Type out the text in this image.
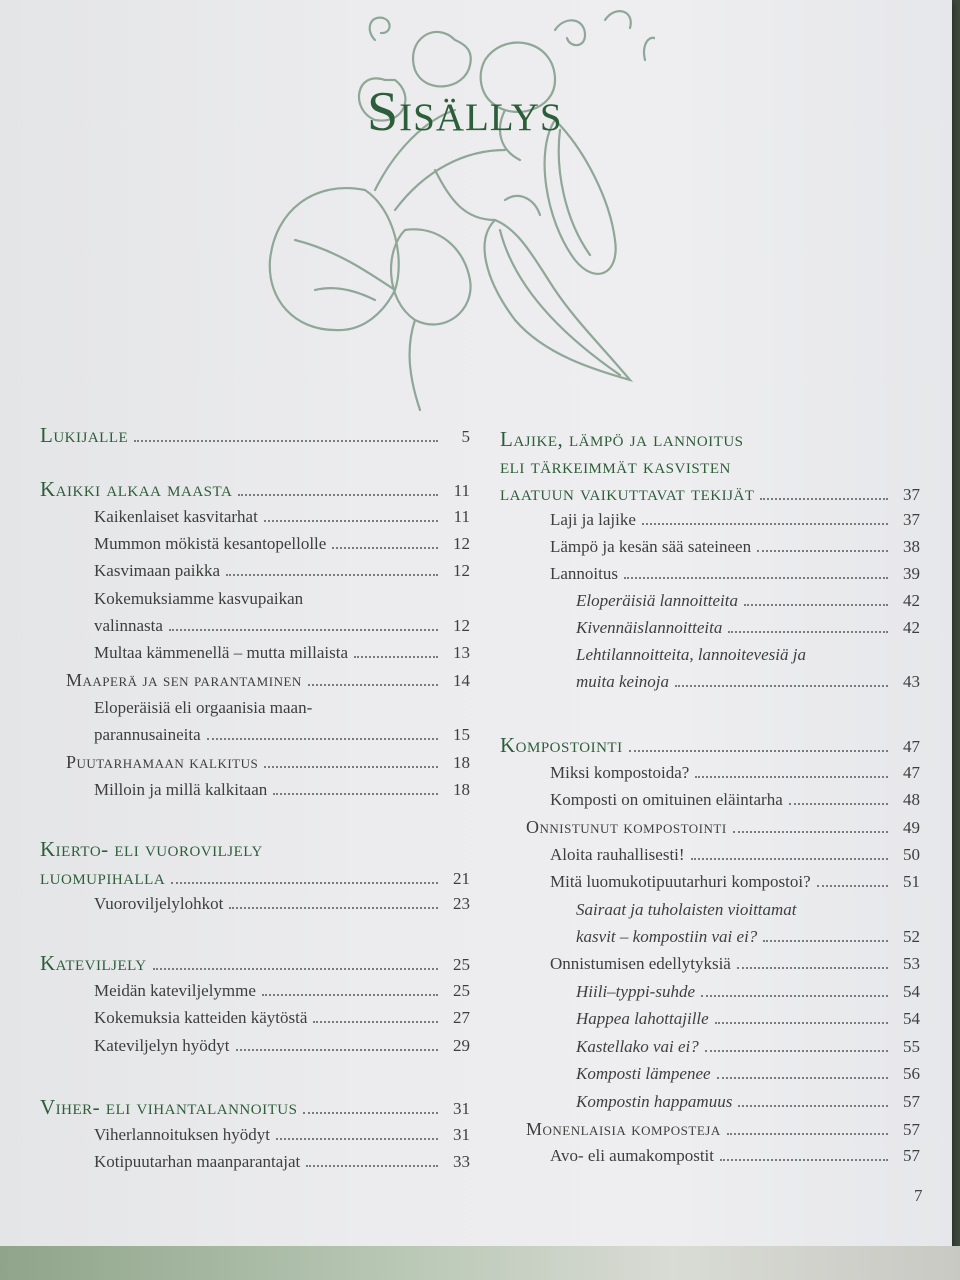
Sisällys
Lukijalle	5
Kaikki alkaa maasta	11
Kaikenlaiset kasvitarhat	11
Mummon mökistä kesantopellolle	12
Kasvimaan paikka	12
Kokemuksiamme kasvupaikan
valinnasta	12
Multaa kämmenellä – mutta millaista	13
Maaperä ja sen parantaminen	14
Eloperäisiä eli orgaanisia maan-
parannusaineita	15
Puutarhamaan kalkitus	18
Milloin ja millä kalkitaan	18
Kierto- eli vuoroviljely
luomupihalla	21
Vuoroviljelylohkot	23
Kateviljely	25
Meidän kateviljelymme	25
Kokemuksia katteiden käytöstä	27
Kateviljelyn hyödyt	29
Viher- eli vihantalannoitus	31
Viherlannoituksen hyödyt	31
Kotipuutarhan maanparantajat	33
Lajike, lämpö ja lannoitus
eli tärkeimmät kasvisten
laatuun vaikuttavat tekijät	37
Laji ja lajike	37
Lämpö ja kesän sää sateineen	38
Lannoitus	39
Eloperäisiä lannoitteita	42
Kivennäislannoitteita	42
Lehtilannoitteita, lannoitevesiä ja
muita keinoja	43
Kompostointi	47
Miksi kompostoida?	47
Komposti on omituinen eläintarha	48
Onnistunut kompostointi	49
Aloita rauhallisesti!	50
Mitä luomukotipuutarhuri kompostoi?	51
Sairaat ja tuholaisten vioittamat
kasvit – kompostiin vai ei?	52
Onnistumisen edellytyksiä	53
Hiili–typpi-suhde	54
Happea lahottajille	54
Kastellako vai ei?	55
Komposti lämpenee	56
Kompostin happamuus	57
Monenlaisia komposteja	57
Avo- eli aumakompostit	57
7
